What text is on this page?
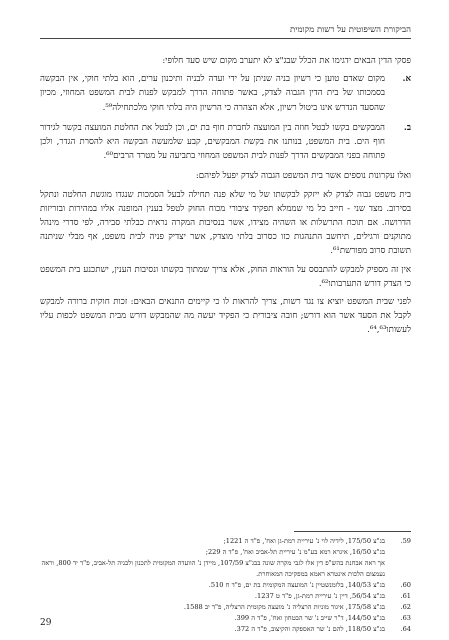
הביקורת השיפוטית על רשות מקומית

פסקי הדין הבאים ידגימו את הכלל שבג"צ לא יתערב מקום שיש סעד חלופי:

א.
מקום שאדם טוען כי רשיון בניה שניתן על ידי ועדה לבניה ותיכנון ערים, הוא בלתי חוקי, אין הבקשה בסמכותו של בית הדין הגבוה לצדק, באשר פתוחה הדרך למבקש לפנות לבית המשפט המחוזי, מכיון שהסעד הנדרש אינו ביטול רשיון, אלא הצהרה כי הרשיון היה בלתי חוקי מלכתחילה⁵⁹.
ב.
המבקשים בקשו לבטל חוזה בין המועצה לחברת חוף בת ים, וכן לבטל את החלטת המועצה בקשר לגידור חוף הים. בית המשפט, בנותנו את בקשת המבקשים, קבע שלמעשה הבקשה היא להסרת הגדר, ולכן פתוחה בפני המבקשים הדרך לפנות לבית המשפט המחוזי בתביעה על מטרד הרבים⁶⁰.

ואלו עקרונות נוספים אשר בית המשפט הגבוה לצדק יפעל לפיהם:

בית משפט גבוה לצדק לא ייזקק לבקשתו של מי שלא פנה תחילה לבעל הסמכות שנגדו מוגשת החלטה ונתקל בסירוב. מצד שני - חייב כל מי שממלא תפקיד ציבורי מכוח החוק לטפל בענין המופנה אליו במהירות ובזריזות הדרושה. אם תוכח התרשלות או השהיה מצידו, אשר בנסיבות המקרה נראית כבלתי סבירה, לפי סדרי מינהל מתוקנים ורגילים, תיחשב התנהגות כזו כסרוב בלתי מוצדק, אשר יצדיק פניה לבית משפט, אף מבלי שניתנה תשובת סרוב מפורשת⁶¹.

אין זה מספיק למבקש להתבסס על הוראות החוק, אלא צריך שמתוך בקשתו ונסיבות הענין, ישתכנע בית המשפט כי הצדק דורש התערבותו⁶².

לפני שבית המשפט יוציא צו נגד רשות, צריך להראות לו כי קיימים התנאים הבאים: זכות חוקית ברורה למבקש לקבל את הסעד אשר הוא דורש; חובה ציבורית כי הפקיד יעשה מה שהמבקש דורש מבית המשפט לכפות עליו לעשותו⁶⁴,⁶³.

59.
בג"צ 175/50, לידיה לוי נ' עיריית רמת-גן ואח', פ"ד ה 1221;
בג"צ 16/50, איגרא רמא בע"מ נ' עיריית תל-אביב ואח', פ"ד ה 229;
אך ראה אבחנת בהש"פ דין אלו לגבי מקרה שונה בבג"צ 107/59, מיידן נ' הוועדה המקומית לתכנון ולבניה תל-אביב, פ"ד יד 800, וראה נעמצום הלכות אינטרא ראמא במפקיכה המאוחרת.
60.
בג"צ 140/53, בלומנשטיין נ' המועצה המקומית בת ים, פ"ד ח 510.
61.
בג"צ 56/54, דיין נ' עיריית רמת-גן, פ"ד ט 1237.
62.
בג"צ 175/58, איגוד מוניות הרצליה נ' מועצה מקומית הרצליה, פ"ד יב 1588.
63.
בג"צ 144/50, ד"ר שייב נ' שר הבטחון ואח', פ"ד ה 399.
64.
בג"צ 118/50, להם נ' שר האספקה והקיצוב, פ"ד ה 372.
29
